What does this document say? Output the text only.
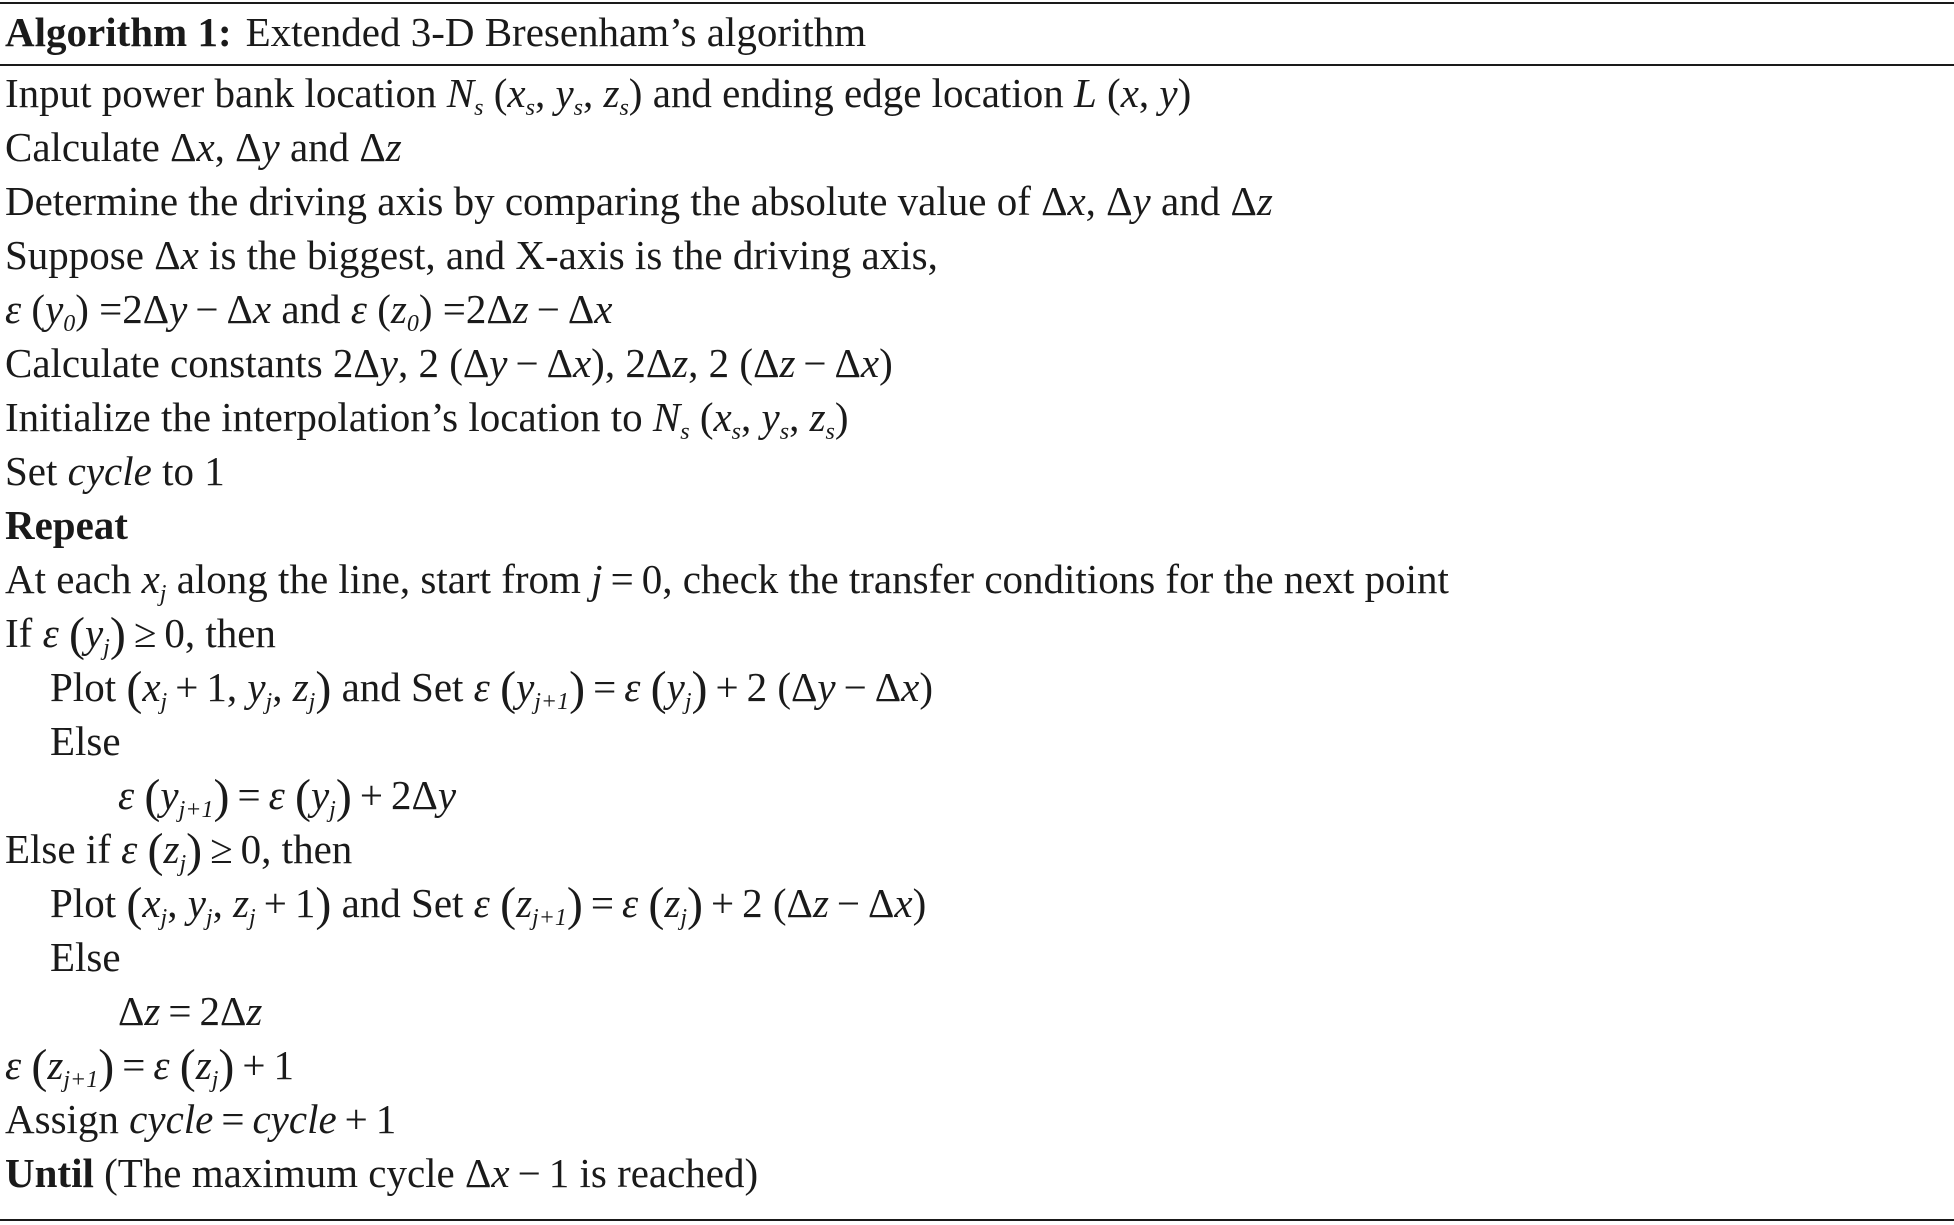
Algorithm 1: Extended 3-D Bresenham’s algorithm
Input power bank location $N_s$ ($x_s$, $y_s$, $z_s$) and ending edge location L (x, y)
Calculate Δx, Δy and Δz
Determine the driving axis by comparing the absolute value of Δx, Δy and Δz
Suppose Δx is the biggest, and X-axis is the driving axis,
ε $(y_0) =2\Delta y - \Delta x$ and ε $(z_0) =2\Delta z - \Delta x$
Calculate constants 2Δy, 2 (Δy − Δx), 2Δz, 2 (Δz − Δx)
Initialize the interpolation’s location to $N_s$ ($x_s$, $y_s$, $z_s$)
Set cycle to 1
Repeat
At each $x_j$ along the line, start from j = 0, check the transfer conditions for the next point
If ε $(y_j) \ge 0$, then
Plot ($x_j + 1$, $y_j$, $z_j$) and Set ε $(y_{j+1}) = \varepsilon$ $(y_j) + 2$ (Δy − Δx)
Else
ε $(y_{j+1}) = \varepsilon$ $(y_j) + 2\Delta y$
Else if ε $(z_j) \ge 0$, then
Plot ($x_j$, $y_j$, $z_j + 1$) and Set ε $(z_{j+1}) = \varepsilon$ $(z_j) + 2$ (Δz − Δx)
Else
Δz = 2Δz
ε $(z_{j+1}) = \varepsilon$ $(z_j) + 1$
Assign cycle = cycle + 1
Until (The maximum cycle Δx − 1 is reached)
